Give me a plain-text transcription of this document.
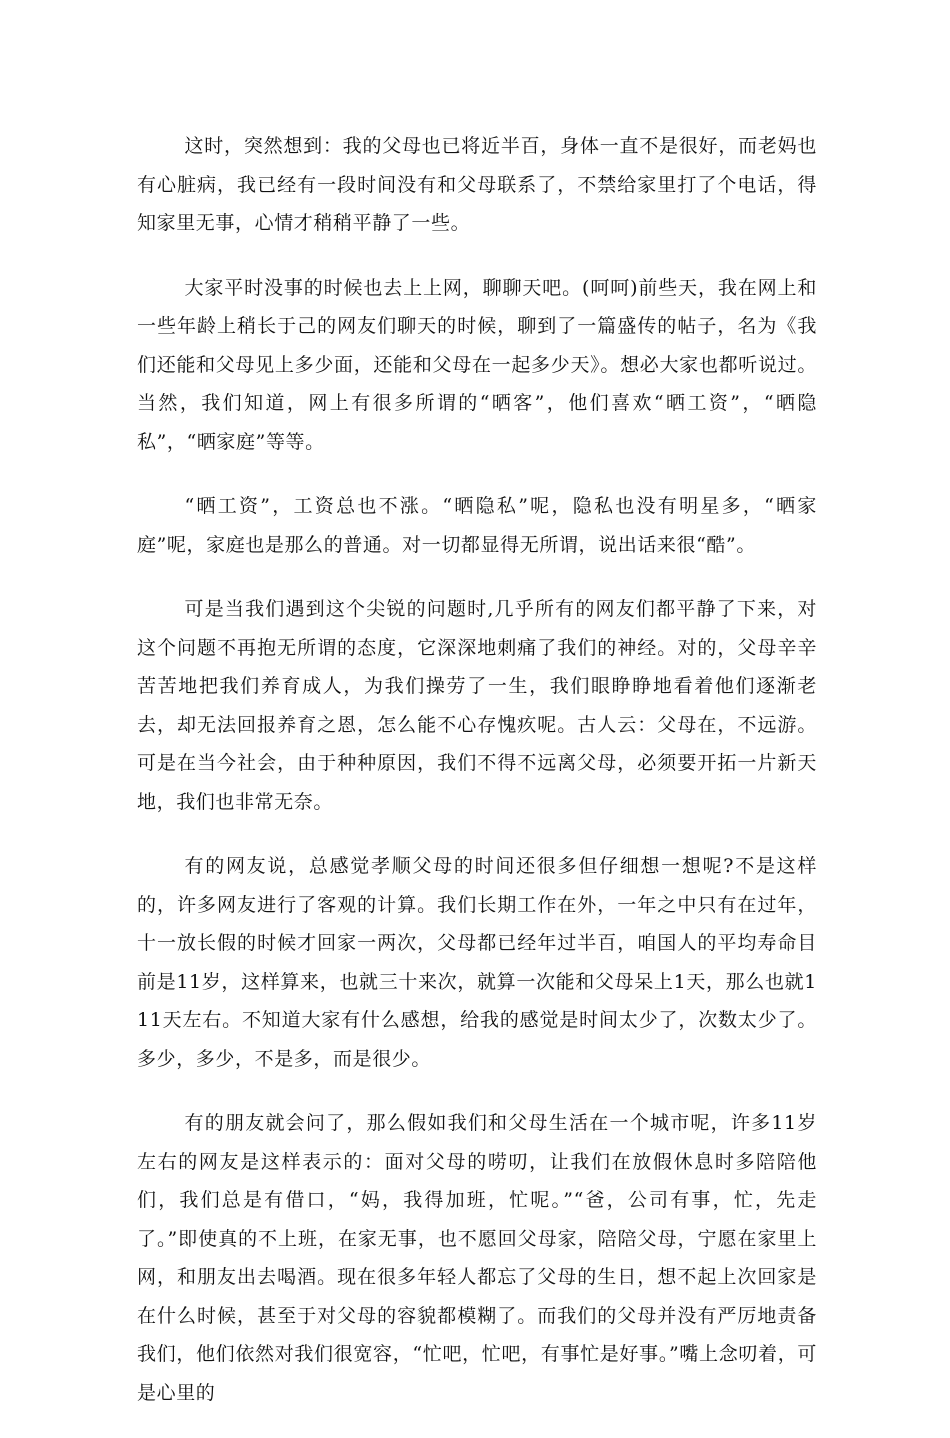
这时，突然想到：我的父母也已将近半百，身体一直不是很好，而老妈也有心脏病，我已经有一段时间没有和父母联系了，不禁给家里打了个电话，得知家里无事，心情才稍稍平静了一些。

大家平时没事的时候也去上上网，聊聊天吧。(呵呵)前些天，我在网上和一些年龄上稍长于己的网友们聊天的时候，聊到了一篇盛传的帖子，名为《我们还能和父母见上多少面，还能和父母在一起多少天》。想必大家也都听说过。当然，我们知道，网上有很多所谓的“晒客”，他们喜欢“晒工资”，“晒隐私”，“晒家庭”等等。

“晒工资”，工资总也不涨。“晒隐私”呢，隐私也没有明星多，“晒家庭”呢，家庭也是那么的普通。对一切都显得无所谓，说出话来很“酷”。

可是当我们遇到这个尖锐的问题时,几乎所有的网友们都平静了下来，对这个问题不再抱无所谓的态度，它深深地刺痛了我们的神经。对的，父母辛辛苦苦地把我们养育成人，为我们操劳了一生，我们眼睁睁地看着他们逐渐老去，却无法回报养育之恩，怎么能不心存愧疚呢。古人云：父母在，不远游。可是在当今社会，由于种种原因，我们不得不远离父母，必须要开拓一片新天地，我们也非常无奈。

有的网友说，总感觉孝顺父母的时间还很多但仔细想一想呢?不是这样的，许多网友进行了客观的计算。我们长期工作在外，一年之中只有在过年，十一放长假的时候才回家一两次，父母都已经年过半百，咱国人的平均寿命目前是11岁，这样算来，也就三十来次，就算一次能和父母呆上1天，那么也就111天左右。不知道大家有什么感想，给我的感觉是时间太少了，次数太少了。多少，多少，不是多，而是很少。

有的朋友就会问了，那么假如我们和父母生活在一个城市呢，许多11岁左右的网友是这样表示的：面对父母的唠叨，让我们在放假休息时多陪陪他们，我们总是有借口，“妈，我得加班，忙呢。”“爸，公司有事，忙，先走了。”即使真的不上班，在家无事，也不愿回父母家，陪陪父母，宁愿在家里上网，和朋友出去喝酒。现在很多年轻人都忘了父母的生日，想不起上次回家是在什么时候，甚至于对父母的容貌都模糊了。而我们的父母并没有严厉地责备我们，他们依然对我们很宽容，“忙吧，忙吧，有事忙是好事。”嘴上念叨着，可是心里的
